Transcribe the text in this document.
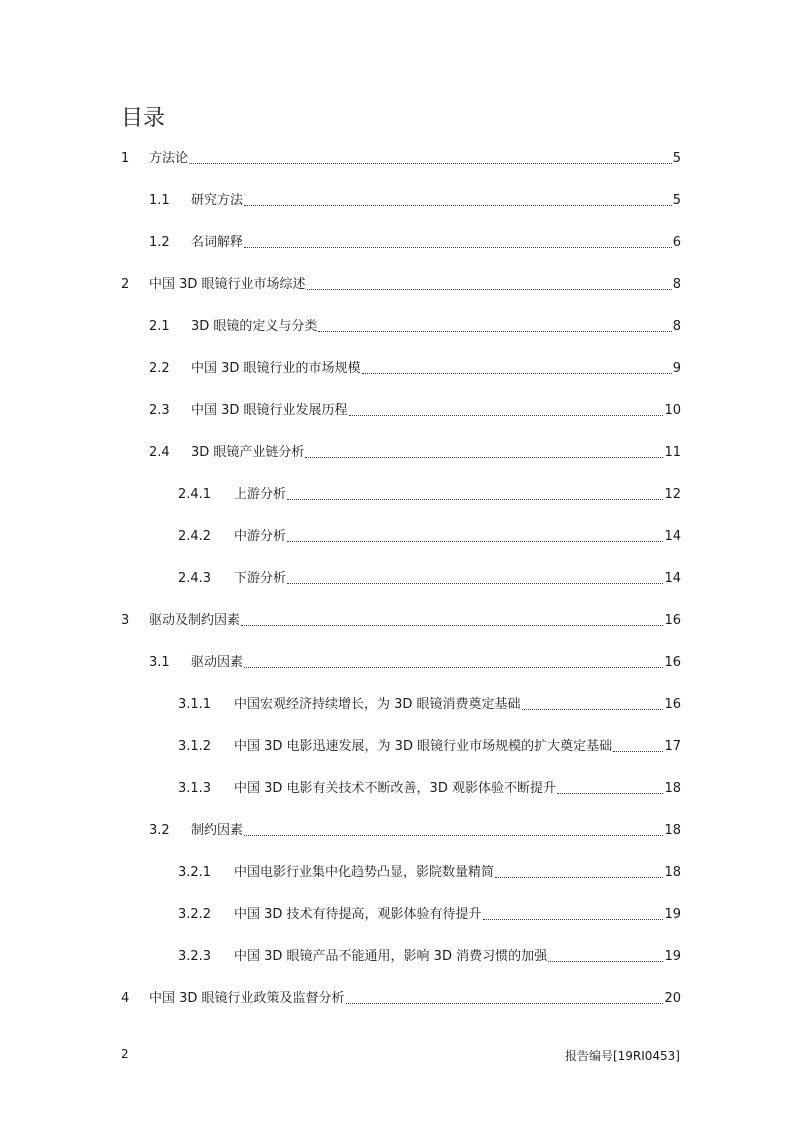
目录
1	方法论	5
1.1	研究方法	5
1.2	名词解释	6
2	中国 3D 眼镜行业市场综述	8
2.1	3D 眼镜的定义与分类	8
2.2	中国 3D 眼镜行业的市场规模	9
2.3	中国 3D 眼镜行业发展历程	10
2.4	3D 眼镜产业链分析	11
2.4.1	上游分析	12
2.4.2	中游分析	14
2.4.3	下游分析	14
3	驱动及制约因素	16
3.1	驱动因素	16
3.1.1	中国宏观经济持续增长，为 3D 眼镜消费奠定基础	16
3.1.2	中国 3D 电影迅速发展，为 3D 眼镜行业市场规模的扩大奠定基础	17
3.1.3	中国 3D 电影有关技术不断改善，3D 观影体验不断提升	18
3.2	制约因素	18
3.2.1	中国电影行业集中化趋势凸显，影院数量精简	18
3.2.2	中国 3D 技术有待提高，观影体验有待提升	19
3.2.3	中国 3D 眼镜产品不能通用，影响 3D 消费习惯的加强	19
4	中国 3D 眼镜行业政策及监督分析	20
2	报告编号[19RI0453]
